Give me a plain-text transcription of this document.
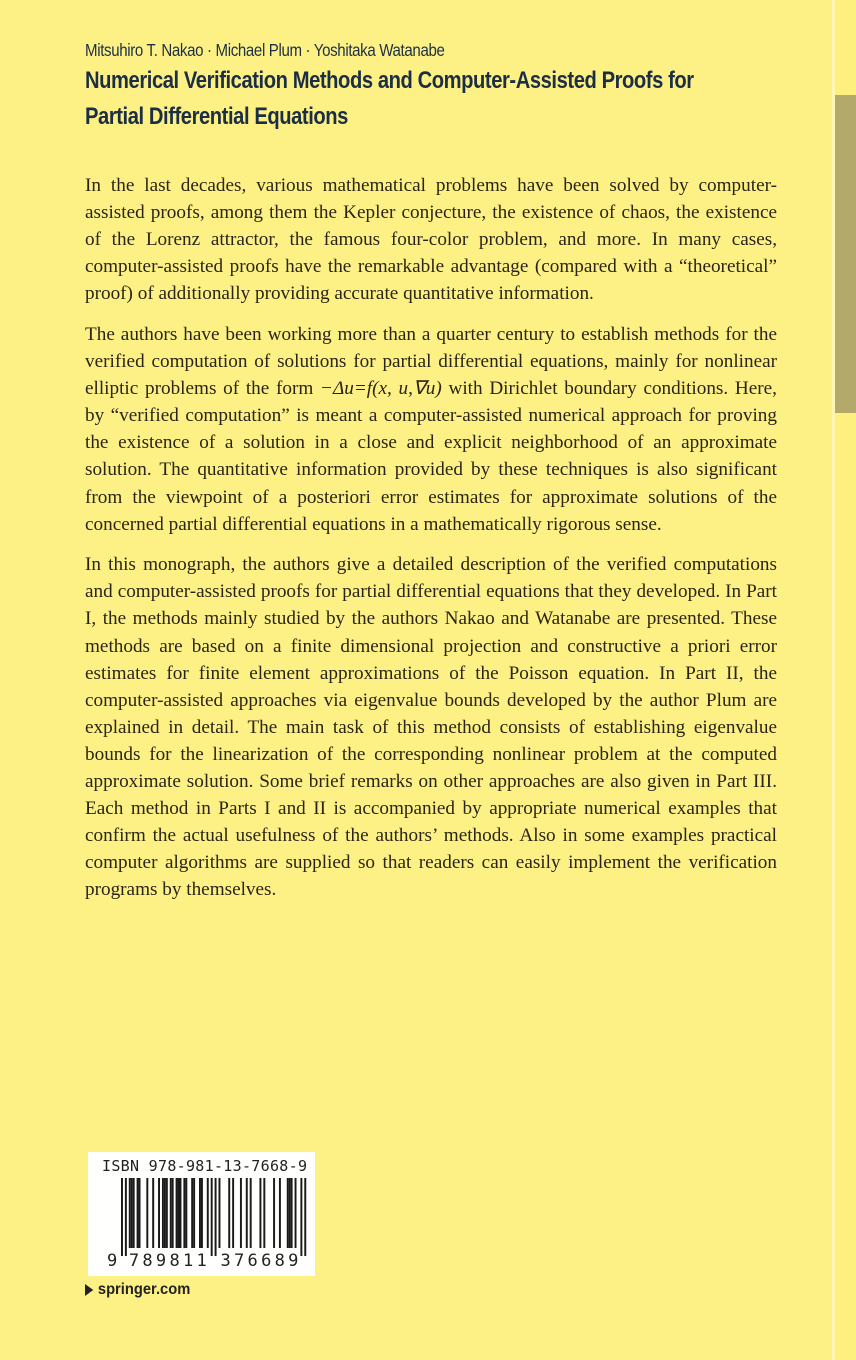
Mitsuhiro T. Nakao · Michael Plum · Yoshitaka Watanabe
Numerical Verification Methods and Computer-Assisted Proofs for
Partial Differential Equations

In the last decades, various mathematical problems have been solved by computer-assisted proofs, among them the Kepler conjecture, the existence of chaos, the existence of the Lorenz attractor, the famous four-color problem, and more. In many cases, computer-assisted proofs have the remarkable advantage (compared with a “theoretical” proof) of additionally providing accurate quantitative information.

The authors have been working more than a quarter century to establish methods for the verified computation of solutions for partial differential equations, mainly for nonlinear elliptic problems of the form −Δu=f(x, u,∇u) with Dirichlet boundary conditions. Here, by “verified computation” is meant a computer-assisted numerical approach for proving the existence of a solution in a close and explicit neighborhood of an approximate solution. The quantitative information provided by these techniques is also significant from the viewpoint of a posteriori error estimates for approximate solutions of the concerned partial differential equations in a mathematically rigorous sense.

In this monograph, the authors give a detailed description of the verified computations and computer-assisted proofs for partial differential equations that they developed. In Part I, the methods mainly studied by the authors Nakao and Watanabe are presented. These methods are based on a finite dimensional projection and constructive a priori error estimates for finite element approximations of the Poisson equation. In Part II, the computer-assisted approaches via eigenvalue bounds developed by the author Plum are explained in detail. The main task of this method consists of establishing eigenvalue bounds for the linearization of the corresponding nonlinear problem at the computed approximate solution. Some brief remarks on other approaches are also given in Part III. Each method in Parts I and II is accompanied by appropriate numerical examples that confirm the actual usefulness of the authors’ methods. Also in some examples practical computer algorithms are supplied so that readers can easily implement the verification programs by themselves.

ISBN 978-981-13-7668-9
9 789811 376689
springer.com
